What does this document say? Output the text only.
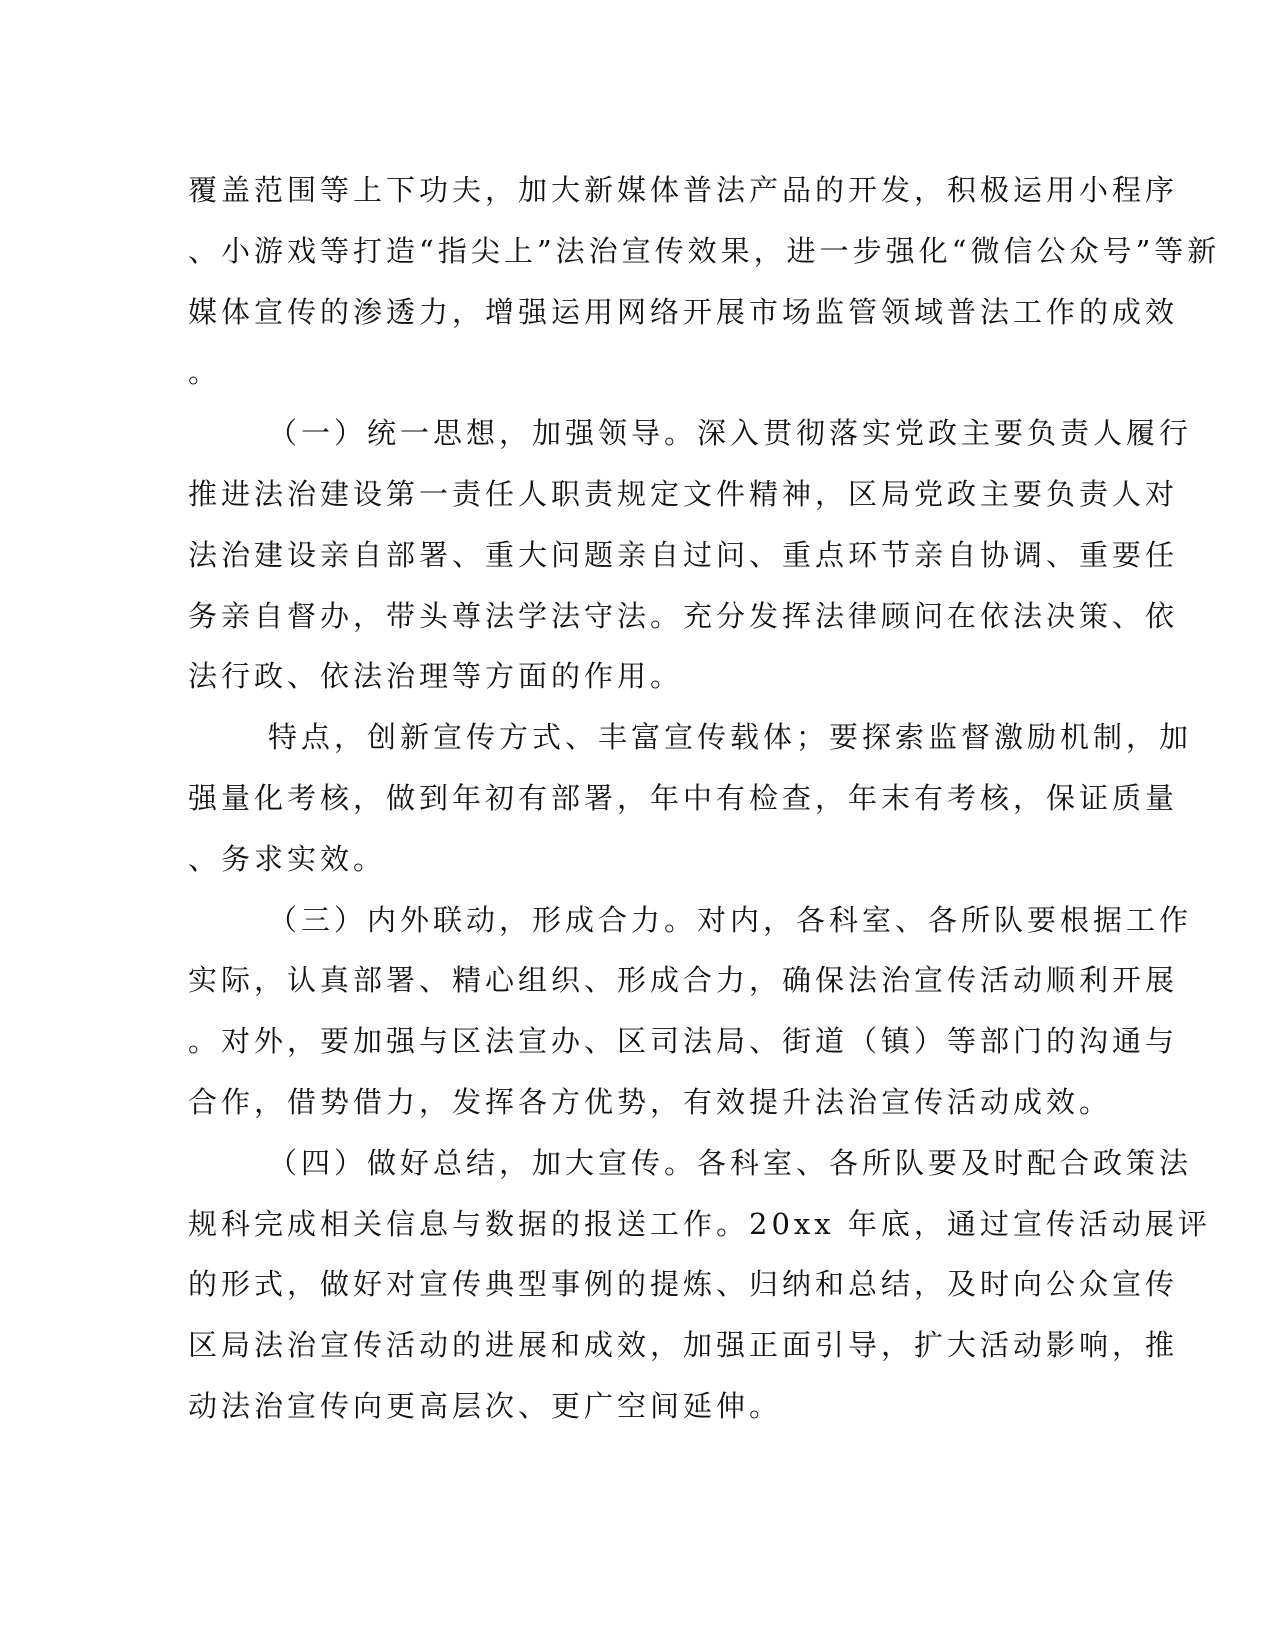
覆盖范围等上下功夫，加大新媒体普法产品的开发，积极运用小程序
、小游戏等打造“指尖上”法治宣传效果，进一步强化“微信公众号”等新
媒体宣传的渗透力，增强运用网络开展市场监管领域普法工作的成效
。
（一）统一思想，加强领导。深入贯彻落实党政主要负责人履行
推进法治建设第一责任人职责规定文件精神，区局党政主要负责人对
法治建设亲自部署、重大问题亲自过问、重点环节亲自协调、重要任
务亲自督办，带头尊法学法守法。充分发挥法律顾问在依法决策、依
法行政、依法治理等方面的作用。
特点，创新宣传方式、丰富宣传载体；要探索监督激励机制，加
强量化考核，做到年初有部署，年中有检查，年末有考核，保证质量
、务求实效。
（三）内外联动，形成合力。对内，各科室、各所队要根据工作
实际，认真部署、精心组织、形成合力，确保法治宣传活动顺利开展
。对外，要加强与区法宣办、区司法局、街道（镇）等部门的沟通与
合作，借势借力，发挥各方优势，有效提升法治宣传活动成效。
（四）做好总结，加大宣传。各科室、各所队要及时配合政策法
规科完成相关信息与数据的报送工作。20xx 年底，通过宣传活动展评
的形式，做好对宣传典型事例的提炼、归纳和总结，及时向公众宣传
区局法治宣传活动的进展和成效，加强正面引导，扩大活动影响，推
动法治宣传向更高层次、更广空间延伸。
